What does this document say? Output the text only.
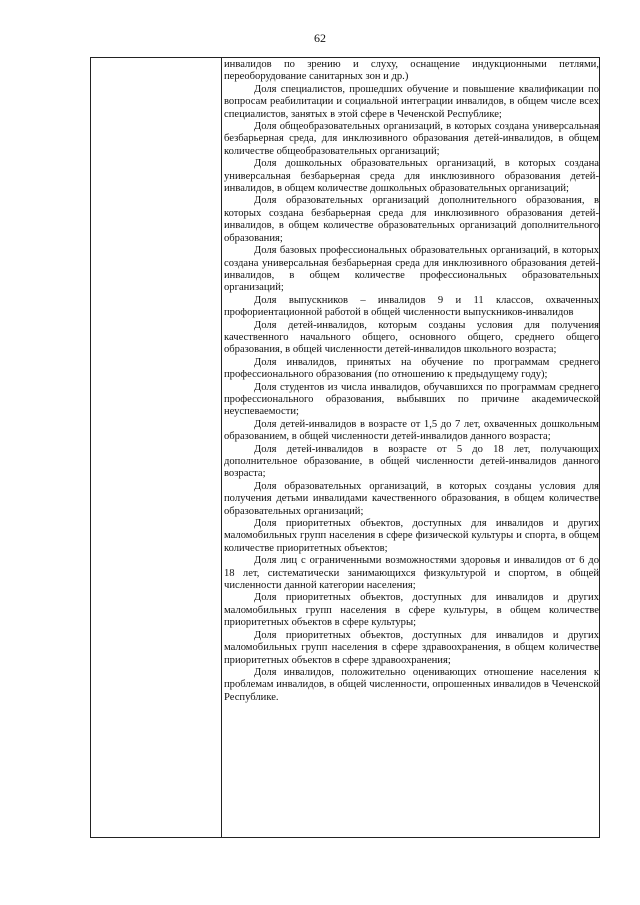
62

инвалидов по зрению и слуху, оснащение индукционными петлями, переоборудование санитарных зон и др.)

Доля специалистов, прошедших обучение и повышение квалификации по вопросам реабилитации и социальной интеграции инвалидов, в общем числе всех специалистов, занятых в этой сфере в Чеченской Республике;

Доля общеобразовательных организаций, в которых создана универсальная безбарьерная среда, для инклюзивного образования детей-инвалидов, в общем количестве общеобразовательных организаций;

Доля дошкольных образовательных организаций, в которых создана универсальная безбарьерная среда для инклюзивного образования детей-инвалидов, в общем количестве дошкольных образовательных организаций;

Доля образовательных организаций дополнительного образования, в которых создана безбарьерная среда для инклюзивного образования детей-инвалидов, в общем количестве образовательных организаций дополнительного образования;

Доля базовых профессиональных образовательных организаций, в которых создана универсальная безбарьерная среда для инклюзивного образования детей-инвалидов, в общем количестве профессиональных образовательных организаций;

Доля выпускников – инвалидов 9 и 11 классов, охваченных профориентационной работой в общей численности выпускников-инвалидов

Доля детей-инвалидов, которым созданы условия для получения качественного начального общего, основного общего, среднего общего образования, в общей численности детей-инвалидов школьного возраста;

Доля инвалидов, принятых на обучение по программам среднего профессионального образования (по отношению к предыдущему году);

Доля студентов из числа инвалидов, обучавшихся по программам среднего профессионального образования, выбывших по причине академической неуспеваемости;

Доля детей-инвалидов в возрасте от 1,5 до 7 лет, охваченных дошкольным образованием, в общей численности детей-инвалидов данного возраста;

Доля детей-инвалидов в возрасте от 5 до 18 лет, получающих дополнительное образование, в общей численности детей-инвалидов данного возраста;

Доля образовательных организаций, в которых созданы условия для получения детьми инвалидами качественного образования, в общем количестве образовательных организаций;

Доля приоритетных объектов, доступных для инвалидов и других маломобильных групп населения в сфере физической культуры и спорта, в общем количестве приоритетных объектов;

Доля лиц с ограниченными возможностями здоровья и инвалидов от 6 до 18 лет, систематически занимающихся физкультурой и спортом, в общей численности данной категории населения;

Доля приоритетных объектов, доступных для инвалидов и других маломобильных групп населения в сфере культуры, в общем количестве приоритетных объектов в сфере культуры;

Доля приоритетных объектов, доступных для инвалидов и других маломобильных групп населения в сфере здравоохранения, в общем количестве приоритетных объектов в сфере здравоохранения;

Доля инвалидов, положительно оценивающих отношение населения к проблемам инвалидов, в общей численности, опрошенных инвалидов в Чеченской Республике.
